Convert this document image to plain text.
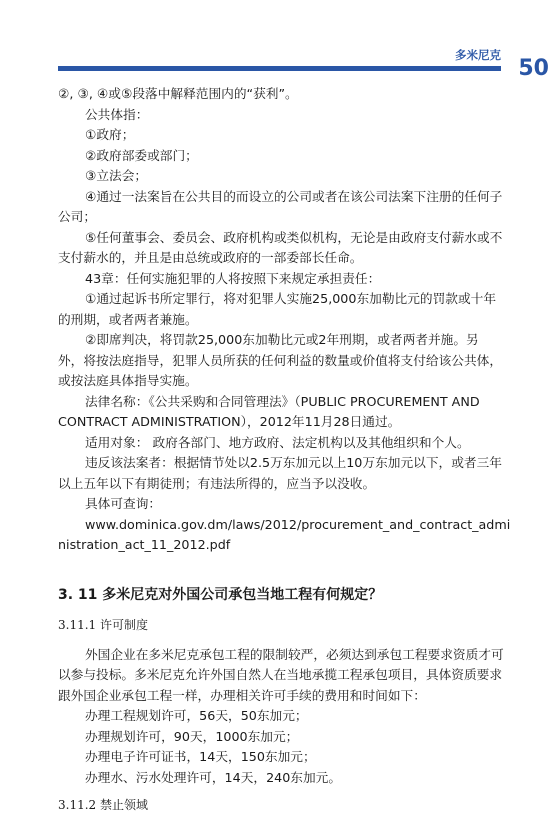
多米尼克
50

②, ③, ④或⑤段落中解释范围内的“获利”。

公共体指：

①政府；

②政府部委或部门；

③立法会；

④通过一法案旨在公共目的而设立的公司或者在该公司法案下注册的任何子公司；

⑤任何董事会、委员会、政府机构或类似机构，无论是由政府支付薪水或不支付薪水的，并且是由总统或政府的一部委部长任命。

43章：任何实施犯罪的人将按照下来规定承担责任：

①通过起诉书所定罪行，将对犯罪人实施25,000东加勒比元的罚款或十年的刑期，或者两者兼施。

②即席判决，将罚款25,000东加勒比元或2年刑期，或者两者并施。另外，将按法庭指导，犯罪人员所获的任何利益的数量或价值将支付给该公共体，或按法庭具体指导实施。

法律名称：《公共采购和合同管理法》（PUBLIC PROCUREMENT AND CONTRACT ADMINISTRATION），2012年11月28日通过。

适用对象： 政府各部门、地方政府、法定机构以及其他组织和个人。

违反该法案者：根据情节处以2.5万东加元以上10万东加元以下，或者三年以上五年以下有期徒刑；有违法所得的，应当予以没收。

具体可查询：

www.dominica.gov.dm/laws/2012/procurement_and_contract_admi

nistration_act_11_2012.pdf

3. 11 多米尼克对外国公司承包当地工程有何规定？
3.11.1 许可制度

外国企业在多米尼克承包工程的限制较严，必须达到承包工程要求资质才可以参与投标。多米尼克允许外国自然人在当地承揽工程承包项目，具体资质要求跟外国企业承包工程一样，办理相关许可手续的费用和时间如下：

办理工程规划许可，56天，50东加元；

办理规划许可，90天，1000东加元；

办理电子许可证书，14天，150东加元；

办理水、污水处理许可，14天，240东加元。

3.11.2 禁止领域
